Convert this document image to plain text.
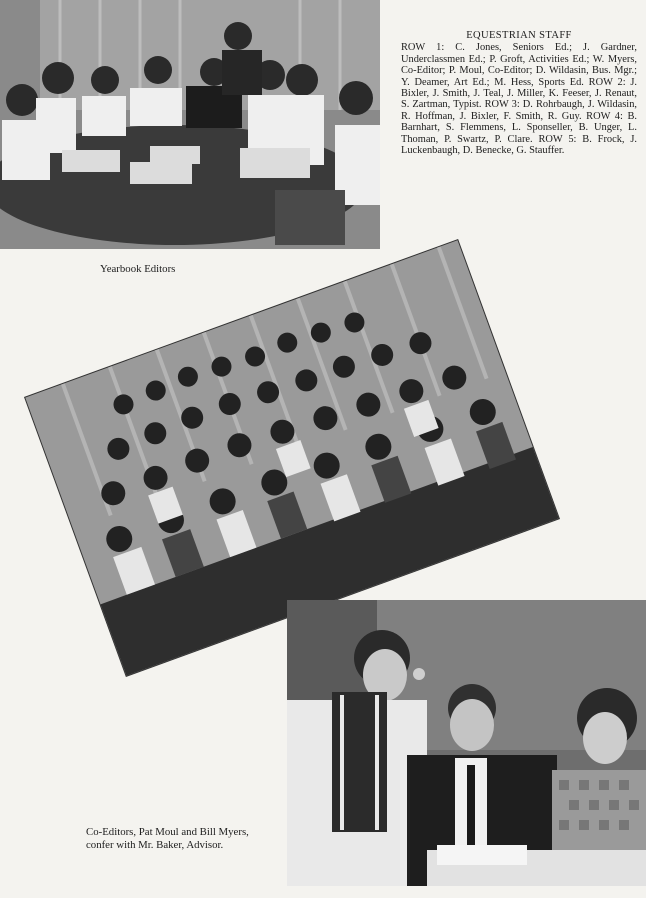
EQUESTRIAN STAFF
ROW 1: C. Jones, Seniors Ed.; J. Gardner, Underclassmen Ed.; P. Groft, Activities Ed.; W. Myers, Co-Editor; P. Moul, Co-Editor; D. Wildasin, Bus. Mgr.; Y. Deamer, Art Ed.; M. Hess, Sports Ed. ROW 2: J. Bixler, J. Smith, J. Teal, J. Miller, K. Feeser, J. Renaut, S. Zartman, Typist. ROW 3: D. Rohrbaugh, J. Wildasin, R. Hoffman, J. Bixler, F. Smith, R. Guy. ROW 4: B. Barnhart, S. Flemmens, L. Sponseller, B. Unger, L. Thoman, P. Swartz, P. Clare. ROW 5: B. Frock, J. Luckenbaugh, D. Benecke, G. Stauffer.
Yearbook Editors
Co-Editors, Pat Moul and Bill Myers, confer with Mr. Baker, Advisor.
